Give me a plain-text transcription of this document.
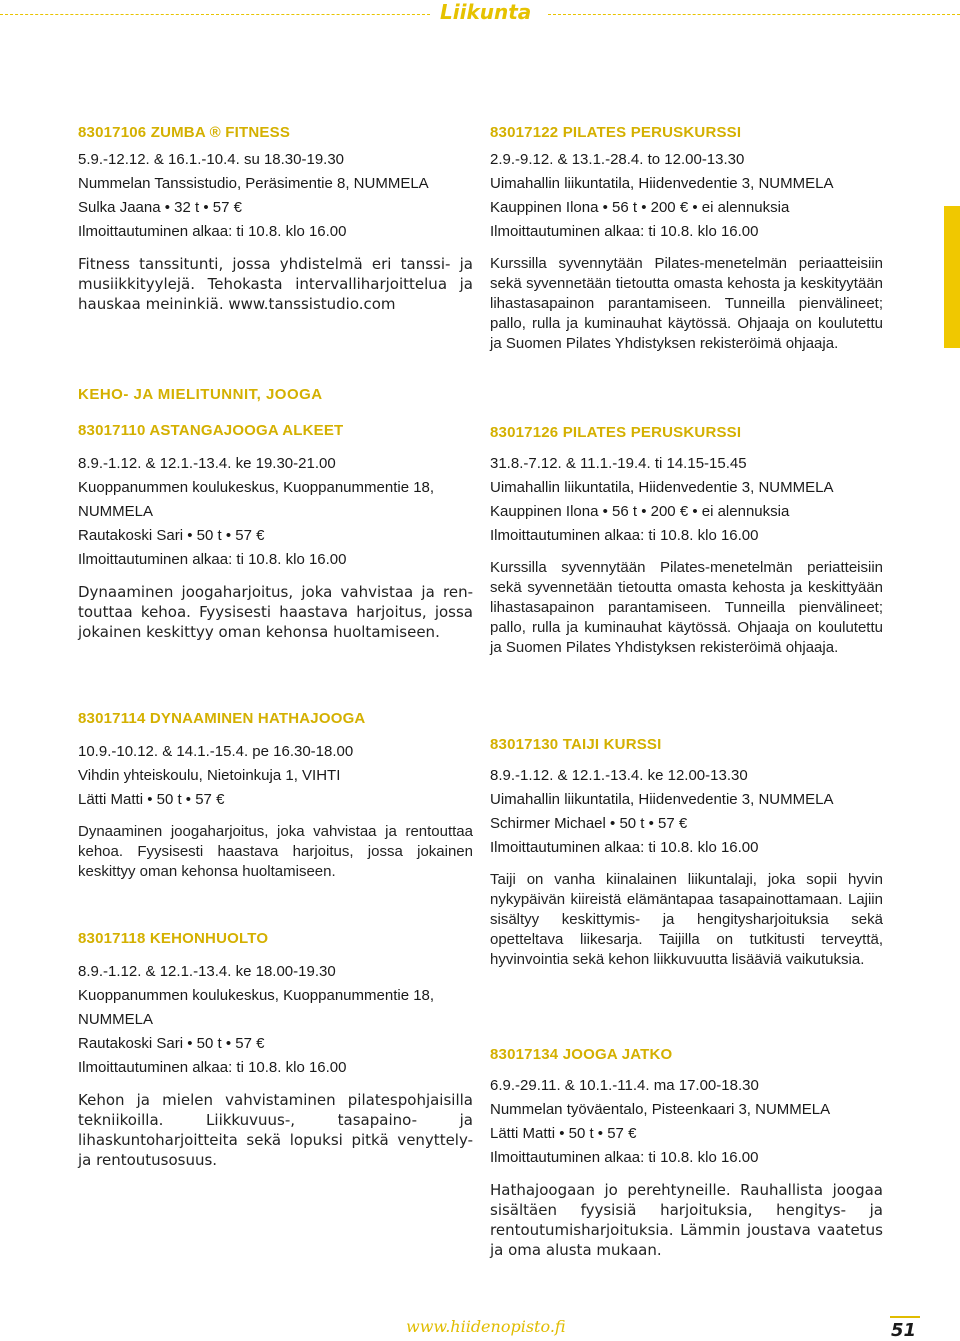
Liikunta
83017106 ZUMBA ® FITNESS
5.9.-12.12. & 16.1.-10.4. su 18.30-19.30
Nummelan Tanssistudio, Peräsimentie 8, NUMMELA
Sulka Jaana • 32 t • 57 €
Ilmoittautuminen alkaa: ti 10.8. klo 16.00

Fitness tanssitunti, jossa yhdistelmä eri tanssi- ja musiikkityylejä. Tehokasta intervalliharjoittelua ja hauskaa meininkiä. www.tanssistudio.com

KEHO- JA MIELITUNNIT, JOOGA
83017110 ASTANGAJOOGA ALKEET
8.9.-1.12. & 12.1.-13.4. ke 19.30-21.00
Kuoppanummen koulukeskus, Kuoppanummentie 18,
NUMMELA
Rautakoski Sari • 50 t • 57 €
Ilmoittautuminen alkaa: ti 10.8. klo 16.00

Dynaaminen joogaharjoitus, joka vahvistaa ja ren-touttaa kehoa. Fyysisesti haastava harjoitus, jossa jokainen keskittyy oman kehonsa huoltamiseen.

83017114 DYNAAMINEN HATHAJOOGA
10.9.-10.12. & 14.1.-15.4. pe 16.30-18.00
Vihdin yhteiskoulu, Nietoinkuja 1, VIHTI
Lätti Matti • 50 t • 57 €

Dynaaminen joogaharjoitus, joka vahvistaa ja rentouttaa kehoa. Fyysisesti haastava harjoitus, jossa jokainen keskittyy oman kehonsa huoltamiseen.

83017118 KEHONHUOLTO
8.9.-1.12. & 12.1.-13.4. ke 18.00-19.30
Kuoppanummen koulukeskus, Kuoppanummentie 18,
NUMMELA
Rautakoski Sari • 50 t • 57 €
Ilmoittautuminen alkaa: ti 10.8. klo 16.00

Kehon ja mielen vahvistaminen pilatespohjaisilla tekniikoilla. Liikkuvuus-, tasapaino- ja lihaskuntoharjoitteita sekä lopuksi pitkä venyttely- ja rentoutusosuus.

83017122 PILATES PERUSKURSSI
2.9.-9.12. & 13.1.-28.4. to 12.00-13.30
Uimahallin liikuntatila, Hiidenvedentie 3, NUMMELA
Kauppinen Ilona • 56 t • 200 € • ei alennuksia
Ilmoittautuminen alkaa: ti 10.8. klo 16.00

Kurssilla syvennytään Pilates-menetelmän periaatteisiin sekä syvennetään tietoutta omasta kehosta ja keskityytään lihastasapainon parantamiseen. Tunneilla pienvälineet; pallo, rulla ja kuminauhat käytössä. Ohjaaja on koulutettu ja Suomen Pilates Yhdistyksen rekisteröimä ohjaaja.

83017126 PILATES PERUSKURSSI
31.8.-7.12. & 11.1.-19.4. ti 14.15-15.45
Uimahallin liikuntatila, Hiidenvedentie 3, NUMMELA
Kauppinen Ilona • 56 t • 200 € • ei alennuksia
Ilmoittautuminen alkaa: ti 10.8. klo 16.00

Kurssilla syvennytään Pilates-menetelmän periatteisiin sekä syvennetään tietoutta omasta kehosta ja keskittyään lihastasapainon parantamiseen. Tunneilla pienvälineet; pallo, rulla ja kuminauhat käytössä. Ohjaaja on koulutettu ja Suomen Pilates Yhdistyksen rekisteröimä ohjaaja.

83017130 TAIJI KURSSI
8.9.-1.12. & 12.1.-13.4. ke 12.00-13.30
Uimahallin liikuntatila, Hiidenvedentie 3, NUMMELA
Schirmer Michael • 50 t • 57 €
Ilmoittautuminen alkaa: ti 10.8. klo 16.00

Taiji on vanha kiinalainen liikuntalaji, joka sopii hyvin nykypäivän kiireistä elämäntapaa tasapainottamaan. Lajiin sisältyy keskittymis- ja hengitysharjoituksia sekä opetteltava liikesarja. Taijilla on tutkitusti terveyttä, hyvinvointia sekä kehon liikkuvuutta lisääviä vaikutuksia.

83017134 JOOGA JATKO
6.9.-29.11. & 10.1.-11.4. ma 17.00-18.30
Nummelan työväentalo, Pisteenkaari 3, NUMMELA
Lätti Matti • 50 t • 57 €
Ilmoittautuminen alkaa: ti 10.8. klo 16.00

Hathajoogaan jo perehtyneille. Rauhallista joogaa sisältäen fyysisiä harjoituksia, hengitys- ja rentoutumisharjoituksia. Lämmin joustava vaatetus ja oma alusta mukaan.

www.hiidenopisto.fi	51
